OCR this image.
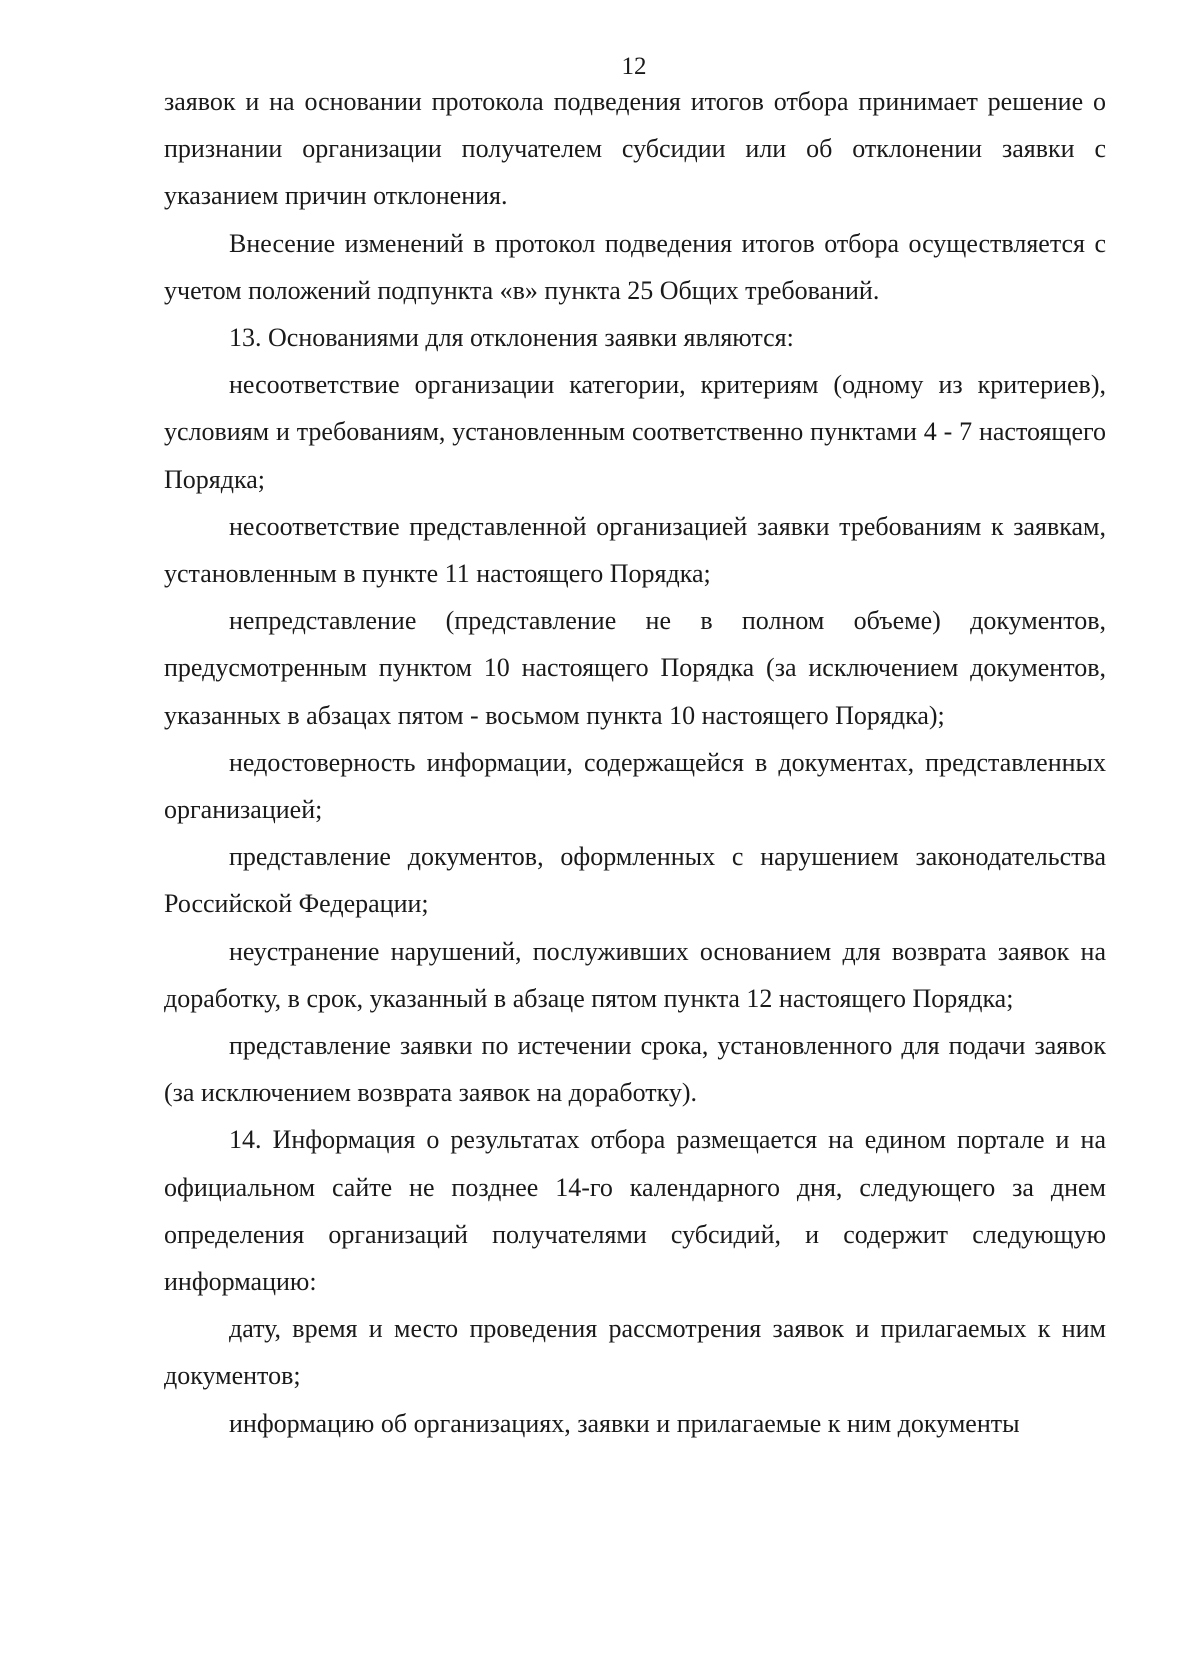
12

заявок и на основании протокола подведения итогов отбора принимает решение о признании организации получателем субсидии или об отклонении заявки с указанием причин отклонения.

Внесение изменений в протокол подведения итогов отбора осуществляется с учетом положений подпункта «в» пункта 25 Общих требований.

13. Основаниями для отклонения заявки являются:

несоответствие организации категории, критериям (одному из критериев), условиям и требованиям, установленным соответственно пунктами 4 - 7 настоящего Порядка;

несоответствие представленной организацией заявки требованиям к заявкам, установленным в пункте 11 настоящего Порядка;

непредставление (представление не в полном объеме) документов, предусмотренным пунктом 10 настоящего Порядка (за исключением документов, указанных в абзацах пятом - восьмом пункта 10 настоящего Порядка);

недостоверность информации, содержащейся в документах, представленных организацией;

представление документов, оформленных с нарушением законодательства Российской Федерации;

неустранение нарушений, послуживших основанием для возврата заявок на доработку, в срок, указанный в абзаце пятом пункта 12 настоящего Порядка;

представление заявки по истечении срока, установленного для подачи заявок (за исключением возврата заявок на доработку).

14. Информация о результатах отбора размещается на едином портале и на официальном сайте не позднее 14-го календарного дня, следующего за днем определения организаций получателями субсидий, и содержит следующую информацию:

дату, время и место проведения рассмотрения заявок и прилагаемых к ним документов;

информацию об организациях, заявки и прилагаемые к ним документы
